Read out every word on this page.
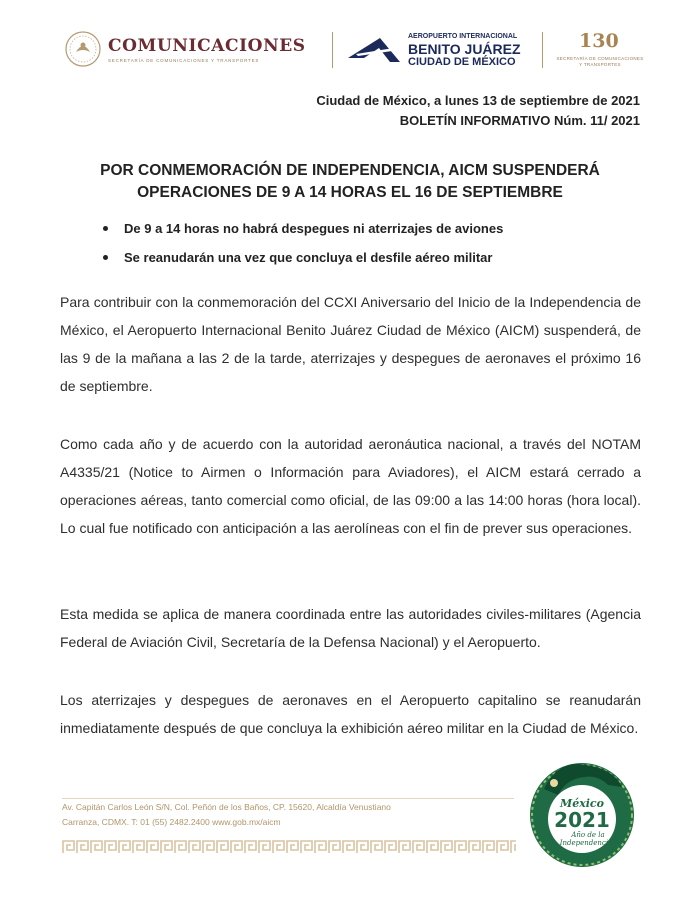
COMUNICACIONES
SECRETARÍA DE COMUNICACIONES Y TRANSPORTES
AEROPUERTO INTERNACIONAL
BENITO JUÁREZ
CIUDAD DE MÉXICO
130
SECRETARÍA DE COMUNICACIONES Y TRANSPORTES
Ciudad de México, a lunes 13 de septiembre de 2021
BOLETÍN INFORMATIVO Núm. 11/ 2021
POR CONMEMORACIÓN DE INDEPENDENCIA, AICM SUSPENDERÁ
OPERACIONES DE 9 A 14 HORAS EL 16 DE SEPTIEMBRE
De 9 a 14 horas no habrá despegues ni aterrizajes de aviones
Se reanudarán una vez que concluya el desfile aéreo militar

Para contribuir con la conmemoración del CCXI Aniversario del Inicio de la Independencia de México, el Aeropuerto Internacional Benito Juárez Ciudad de México (AICM) suspenderá, de las 9 de la mañana a las 2 de la tarde, aterrizajes y despegues de aeronaves el próximo 16 de septiembre.

Como cada año y de acuerdo con la autoridad aeronáutica nacional, a través del NOTAM A4335/21 (Notice to Airmen o Información para Aviadores), el AICM estará cerrado a operaciones aéreas, tanto comercial como oficial, de las 09:00 a las 14:00 horas (hora local). Lo cual fue notificado con anticipación a las aerolíneas con el fin de prever sus operaciones.

Esta medida se aplica de manera coordinada entre las autoridades civiles-militares (Agencia Federal de Aviación Civil, Secretaría de la Defensa Nacional) y el Aeropuerto.

Los aterrizajes y despegues de aeronaves en el Aeropuerto capitalino se reanudarán inmediatamente después de que concluya la exhibición aéreo militar en la Ciudad de México.

Av. Capitán Carlos León S/N, Col. Peñón de los Baños, CP. 15620, Alcaldía Venustiano
Carranza, CDMX. T: 01 (55) 2482.2400 www.gob.mx/aicm
México
2021
Año de la
Independencia
